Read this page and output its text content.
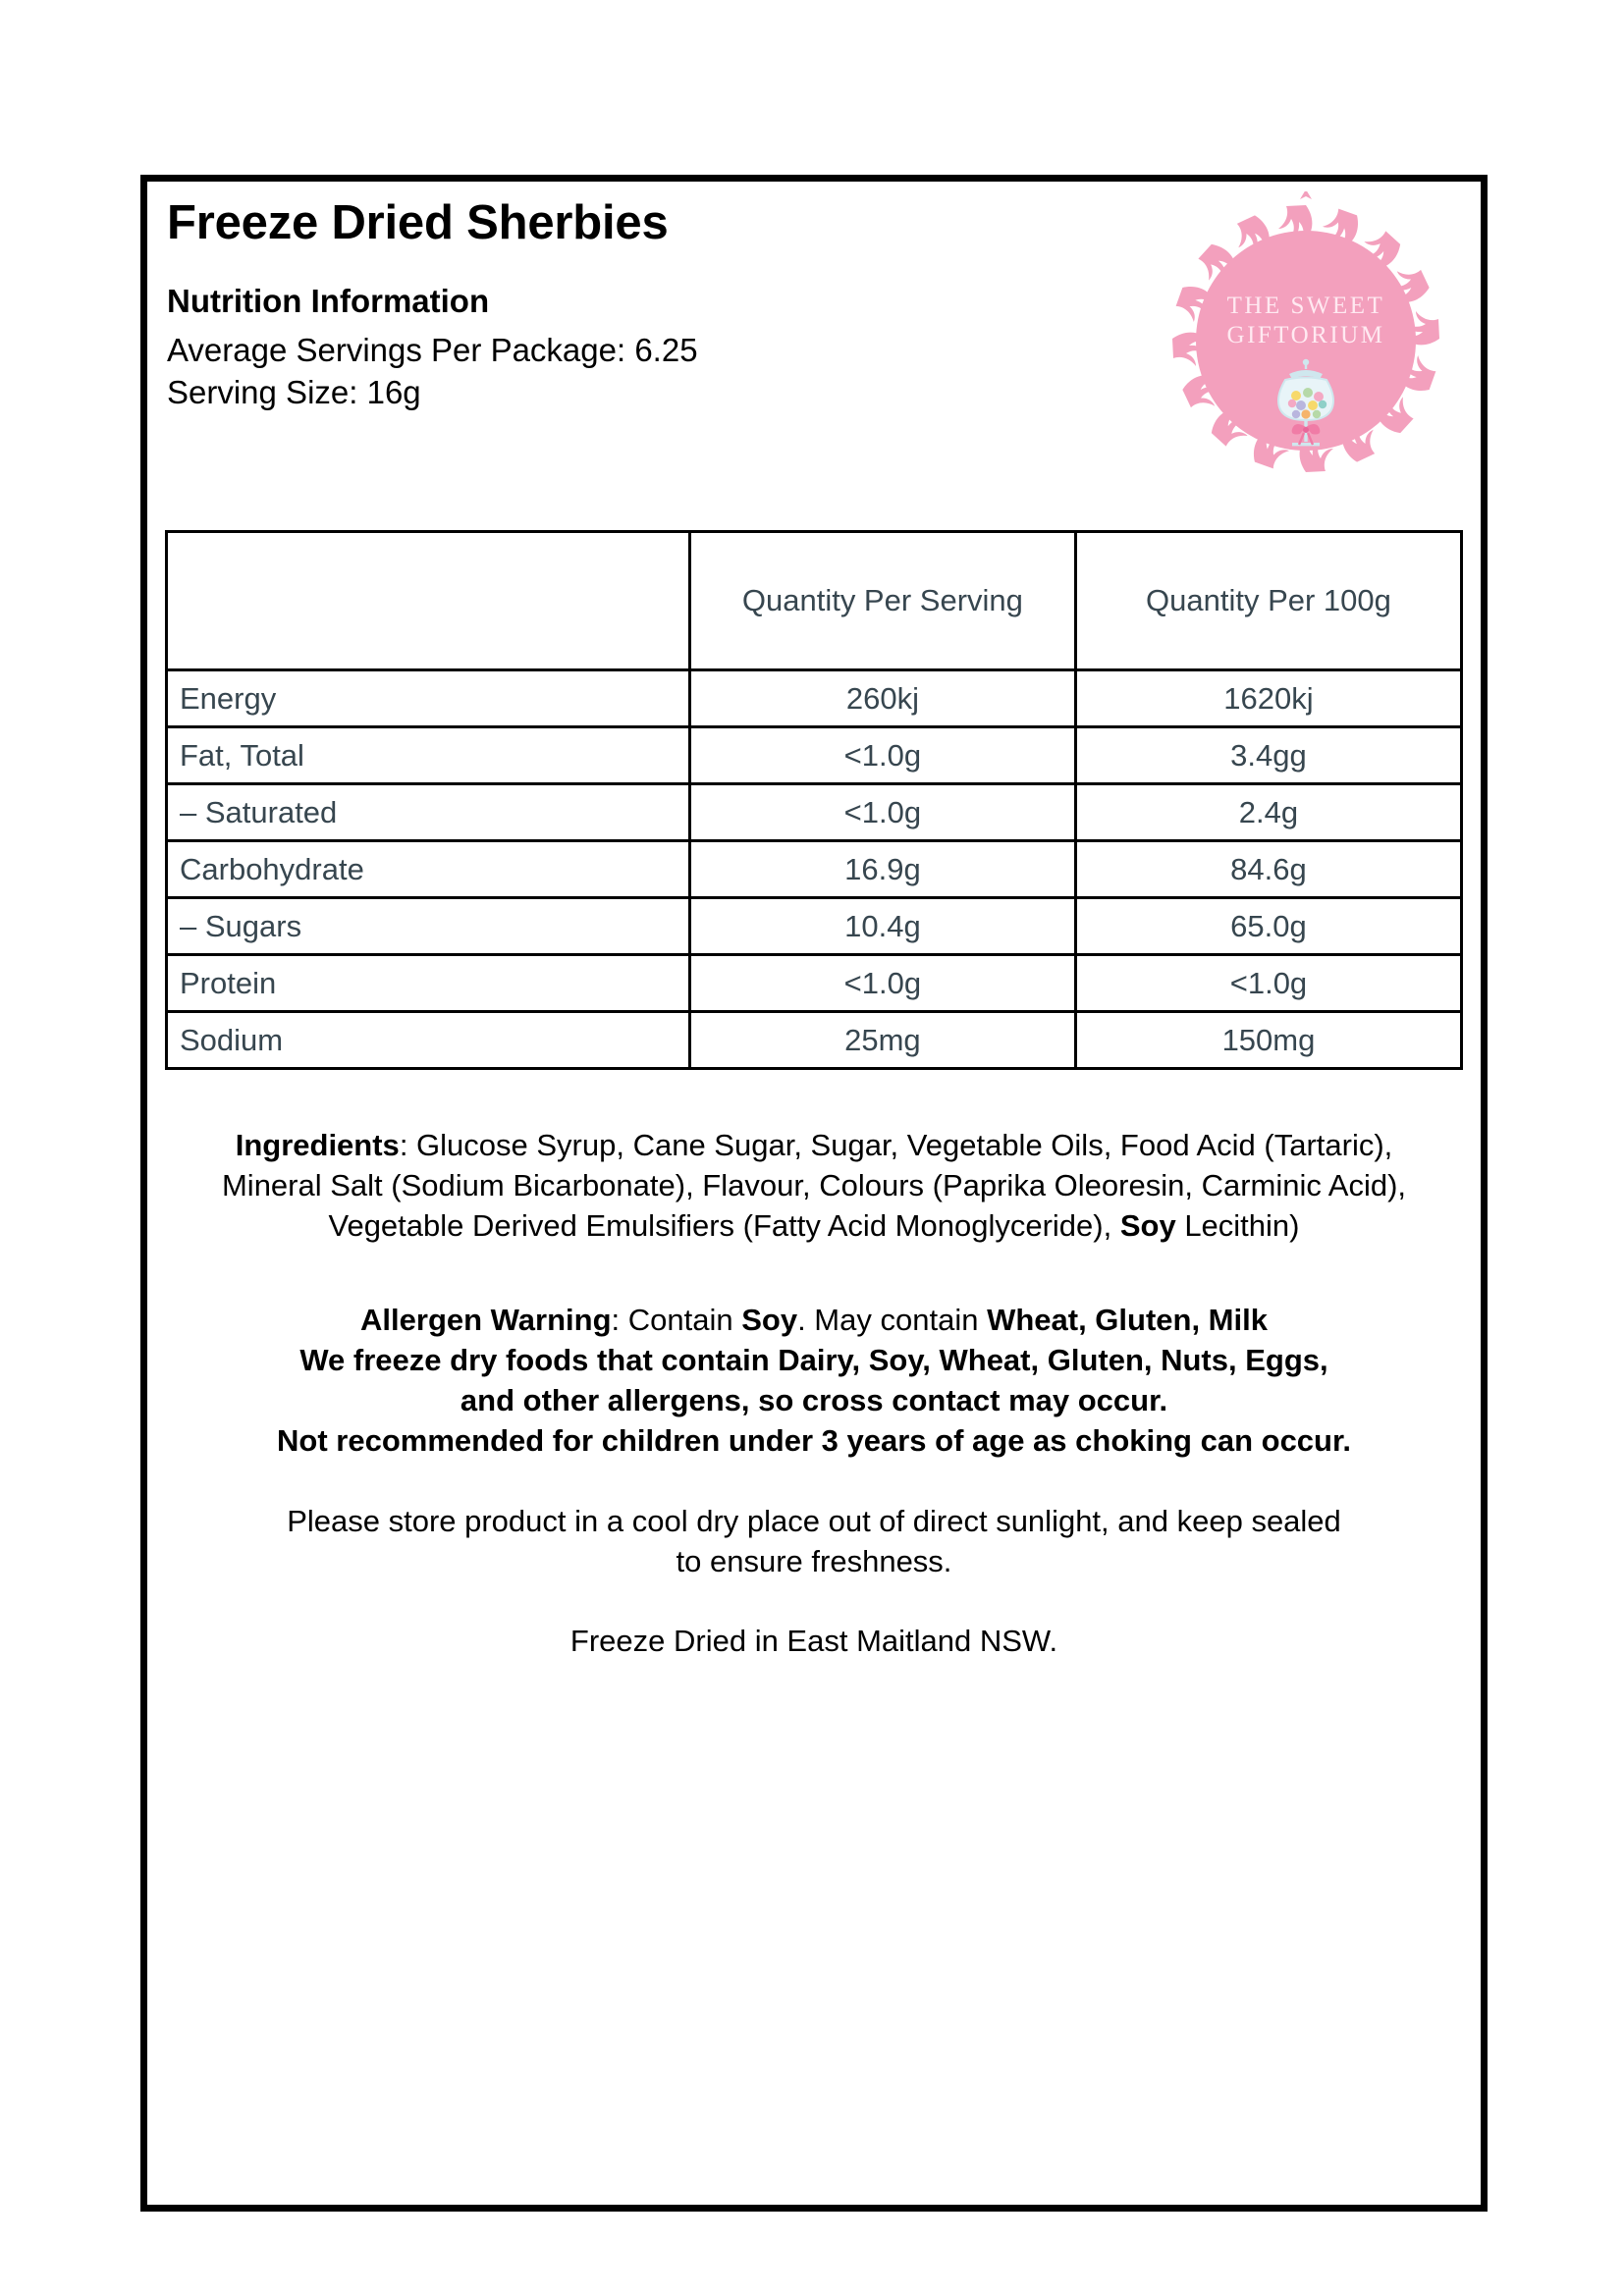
Freeze Dried Sherbies
Nutrition Information
Average Servings Per Package: 6.25
Serving Size: 16g
THE SWEET
GIFTORIUM
	Quantity Per Serving	Quantity Per 100g
Energy	260kj	1620kj
Fat, Total	<1.0g	3.4gg
– Saturated	<1.0g	2.4g
Carbohydrate	16.9g	84.6g
– Sugars	10.4g	65.0g
Protein	<1.0g	<1.0g
Sodium	25mg	150mg

Ingredients: Glucose Syrup, Cane Sugar, Sugar, Vegetable Oils, Food Acid (Tartaric), Mineral Salt (Sodium Bicarbonate), Flavour, Colours (Paprika Oleoresin, Carminic Acid), Vegetable Derived Emulsifiers (Fatty Acid Monoglyceride), Soy Lecithin)

Allergen Warning: Contain Soy. May contain Wheat, Gluten, Milk

We freeze dry foods that contain Dairy, Soy, Wheat, Gluten, Nuts, Eggs,

and other allergens, so cross contact may occur.

Not recommended for children under 3 years of age as choking can occur.

Please store product in a cool dry place out of direct sunlight, and keep sealed

to ensure freshness.

Freeze Dried in East Maitland NSW.
